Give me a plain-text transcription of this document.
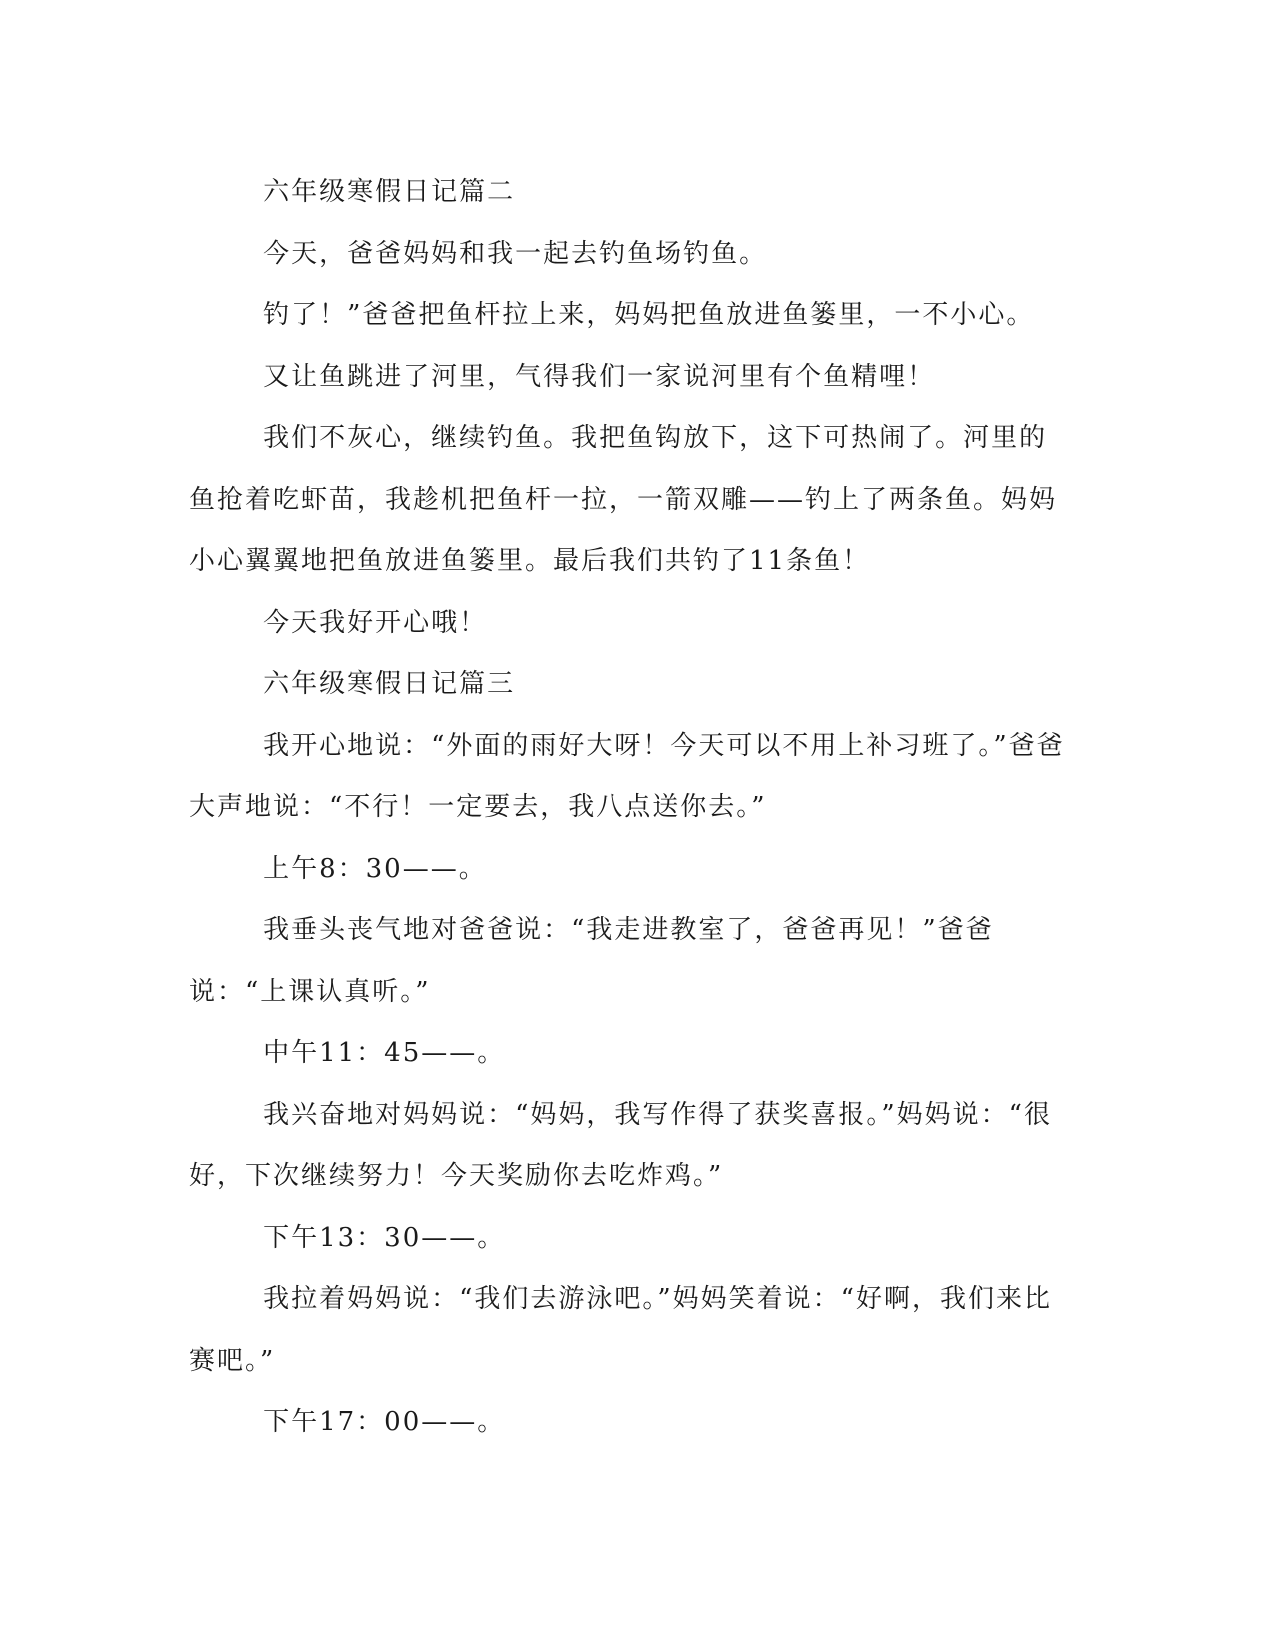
六年级寒假日记篇二

今天，爸爸妈妈和我一起去钓鱼场钓鱼。

钓了！”爸爸把鱼杆拉上来，妈妈把鱼放进鱼篓里，一不小心。

又让鱼跳进了河里，气得我们一家说河里有个鱼精哩！

我们不灰心，继续钓鱼。我把鱼钩放下，这下可热闹了。河里的鱼抢着吃虾苗，我趁机把鱼杆一拉，一箭双雕——钓上了两条鱼。妈妈小心翼翼地把鱼放进鱼篓里。最后我们共钓了11条鱼！

今天我好开心哦！

六年级寒假日记篇三

我开心地说：“外面的雨好大呀！今天可以不用上补习班了。”爸爸大声地说：“不行！一定要去，我八点送你去。”

上午8：30——。

我垂头丧气地对爸爸说：“我走进教室了，爸爸再见！”爸爸说：“上课认真听。”

中午11：45——。

我兴奋地对妈妈说：“妈妈，我写作得了获奖喜报。”妈妈说：“很好，下次继续努力！今天奖励你去吃炸鸡。”

下午13：30——。

我拉着妈妈说：“我们去游泳吧。”妈妈笑着说：“好啊，我们来比赛吧。”

下午17：00——。
